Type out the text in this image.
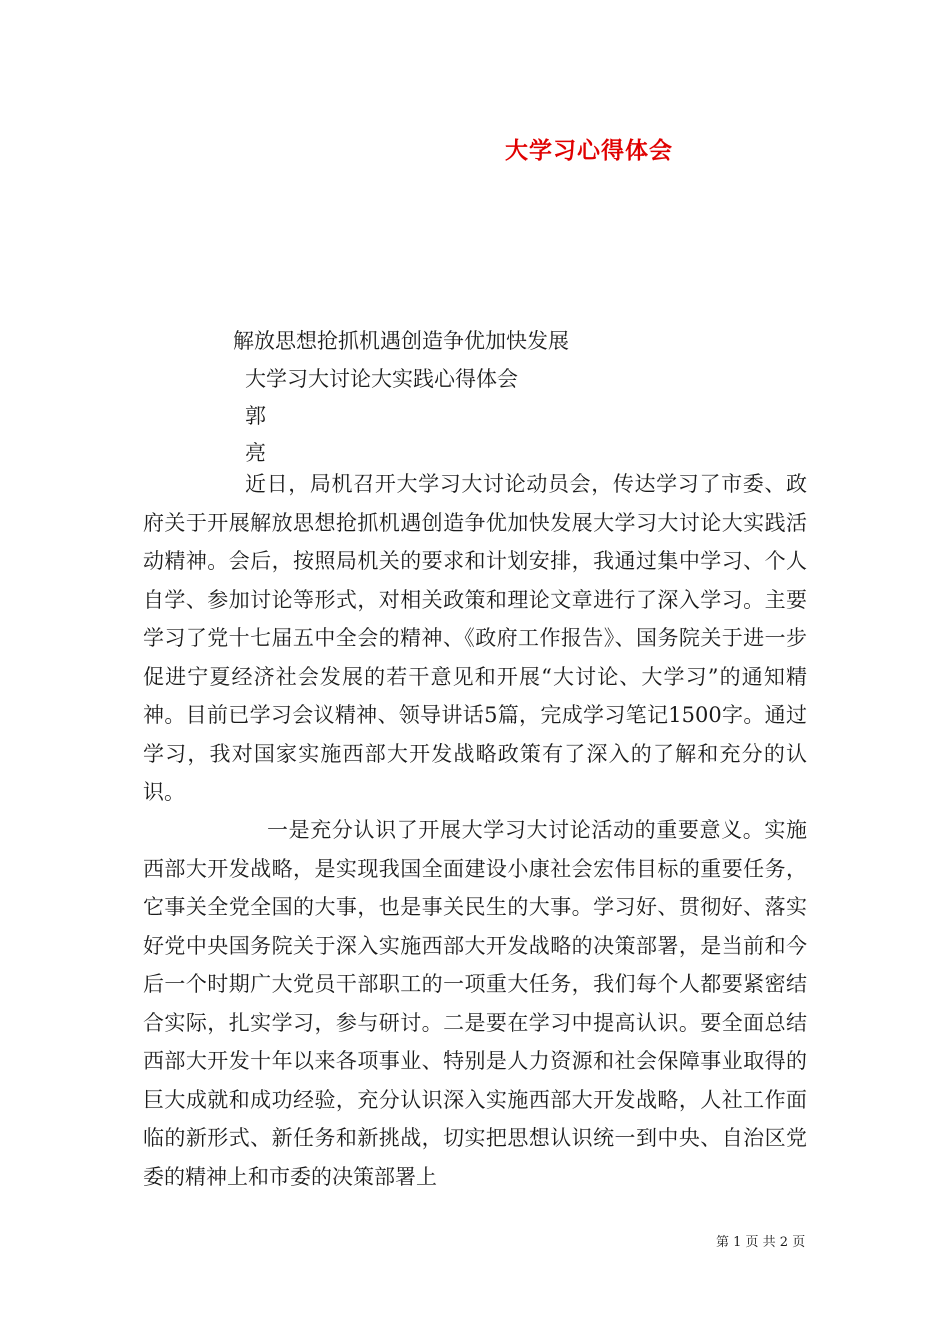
大学习心得体会
解放思想抢抓机遇创造争优加快发展
大学习大讨论大实践心得体会
郭
亮
近日，局机召开大学习大讨论动员会，传达学习了市委、政府关于开展解放思想抢抓机遇创造争优加快发展大学习大讨论大实践活动精神。会后，按照局机关的要求和计划安排，我通过集中学习、个人自学、参加讨论等形式，对相关政策和理论文章进行了深入学习。主要学习了党十七届五中全会的精神、《政府工作报告》、国务院关于进一步促进宁夏经济社会发展的若干意见和开展“大讨论、大学习”的通知精神。目前已学习会议精神、领导讲话5篇，完成学习笔记1500字。通过学习，我对国家实施西部大开发战略政策有了深入的了解和充分的认识。
一是充分认识了开展大学习大讨论活动的重要意义。实施西部大开发战略，是实现我国全面建设小康社会宏伟目标的重要任务，它事关全党全国的大事，也是事关民生的大事。学习好、贯彻好、落实好党中央国务院关于深入实施西部大开发战略的决策部署，是当前和今后一个时期广大党员干部职工的一项重大任务，我们每个人都要紧密结合实际，扎实学习，参与研讨。二是要在学习中提高认识。要全面总结西部大开发十年以来各项事业、特别是人力资源和社会保障事业取得的巨大成就和成功经验，充分认识深入实施西部大开发战略，人社工作面临的新形式、新任务和新挑战，切实把思想认识统一到中央、自治区党委的精神上和市委的决策部署上
第 1 页 共 2 页
